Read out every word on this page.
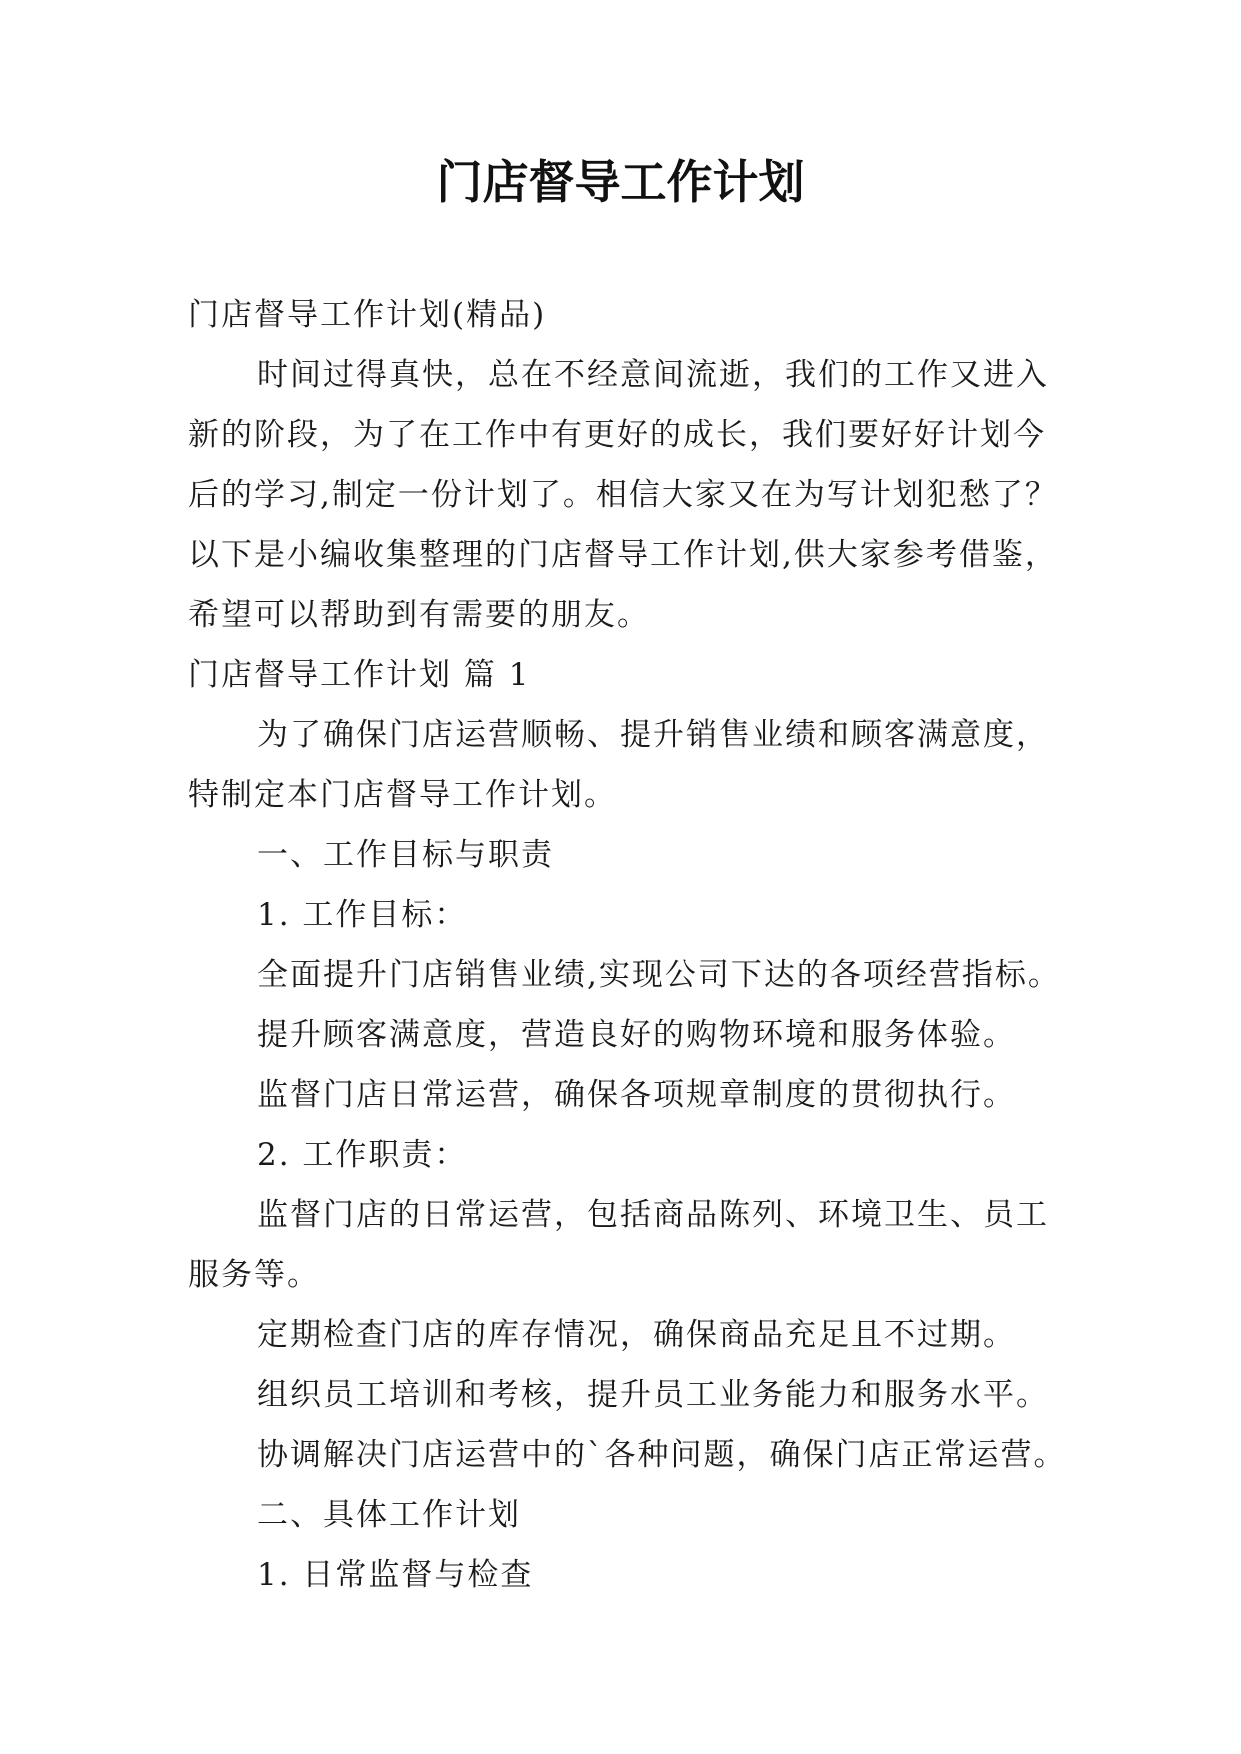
门店督导工作计划
门店督导工作计划(精品)
时间过得真快，总在不经意间流逝，我们的工作又进入
新的阶段，为了在工作中有更好的成长，我们要好好计划今
后的学习,制定一份计划了。相信大家又在为写计划犯愁了？
以下是小编收集整理的门店督导工作计划,供大家参考借鉴，
希望可以帮助到有需要的朋友。
门店督导工作计划 篇 1
为了确保门店运营顺畅、提升销售业绩和顾客满意度，
特制定本门店督导工作计划。
一、工作目标与职责
1. 工作目标：
全面提升门店销售业绩,实现公司下达的各项经营指标。
提升顾客满意度，营造良好的购物环境和服务体验。
监督门店日常运营，确保各项规章制度的贯彻执行。
2. 工作职责：
监督门店的日常运营，包括商品陈列、环境卫生、员工
服务等。
定期检查门店的库存情况，确保商品充足且不过期。
组织员工培训和考核，提升员工业务能力和服务水平。
协调解决门店运营中的`各种问题，确保门店正常运营。
二、具体工作计划
1. 日常监督与检查
